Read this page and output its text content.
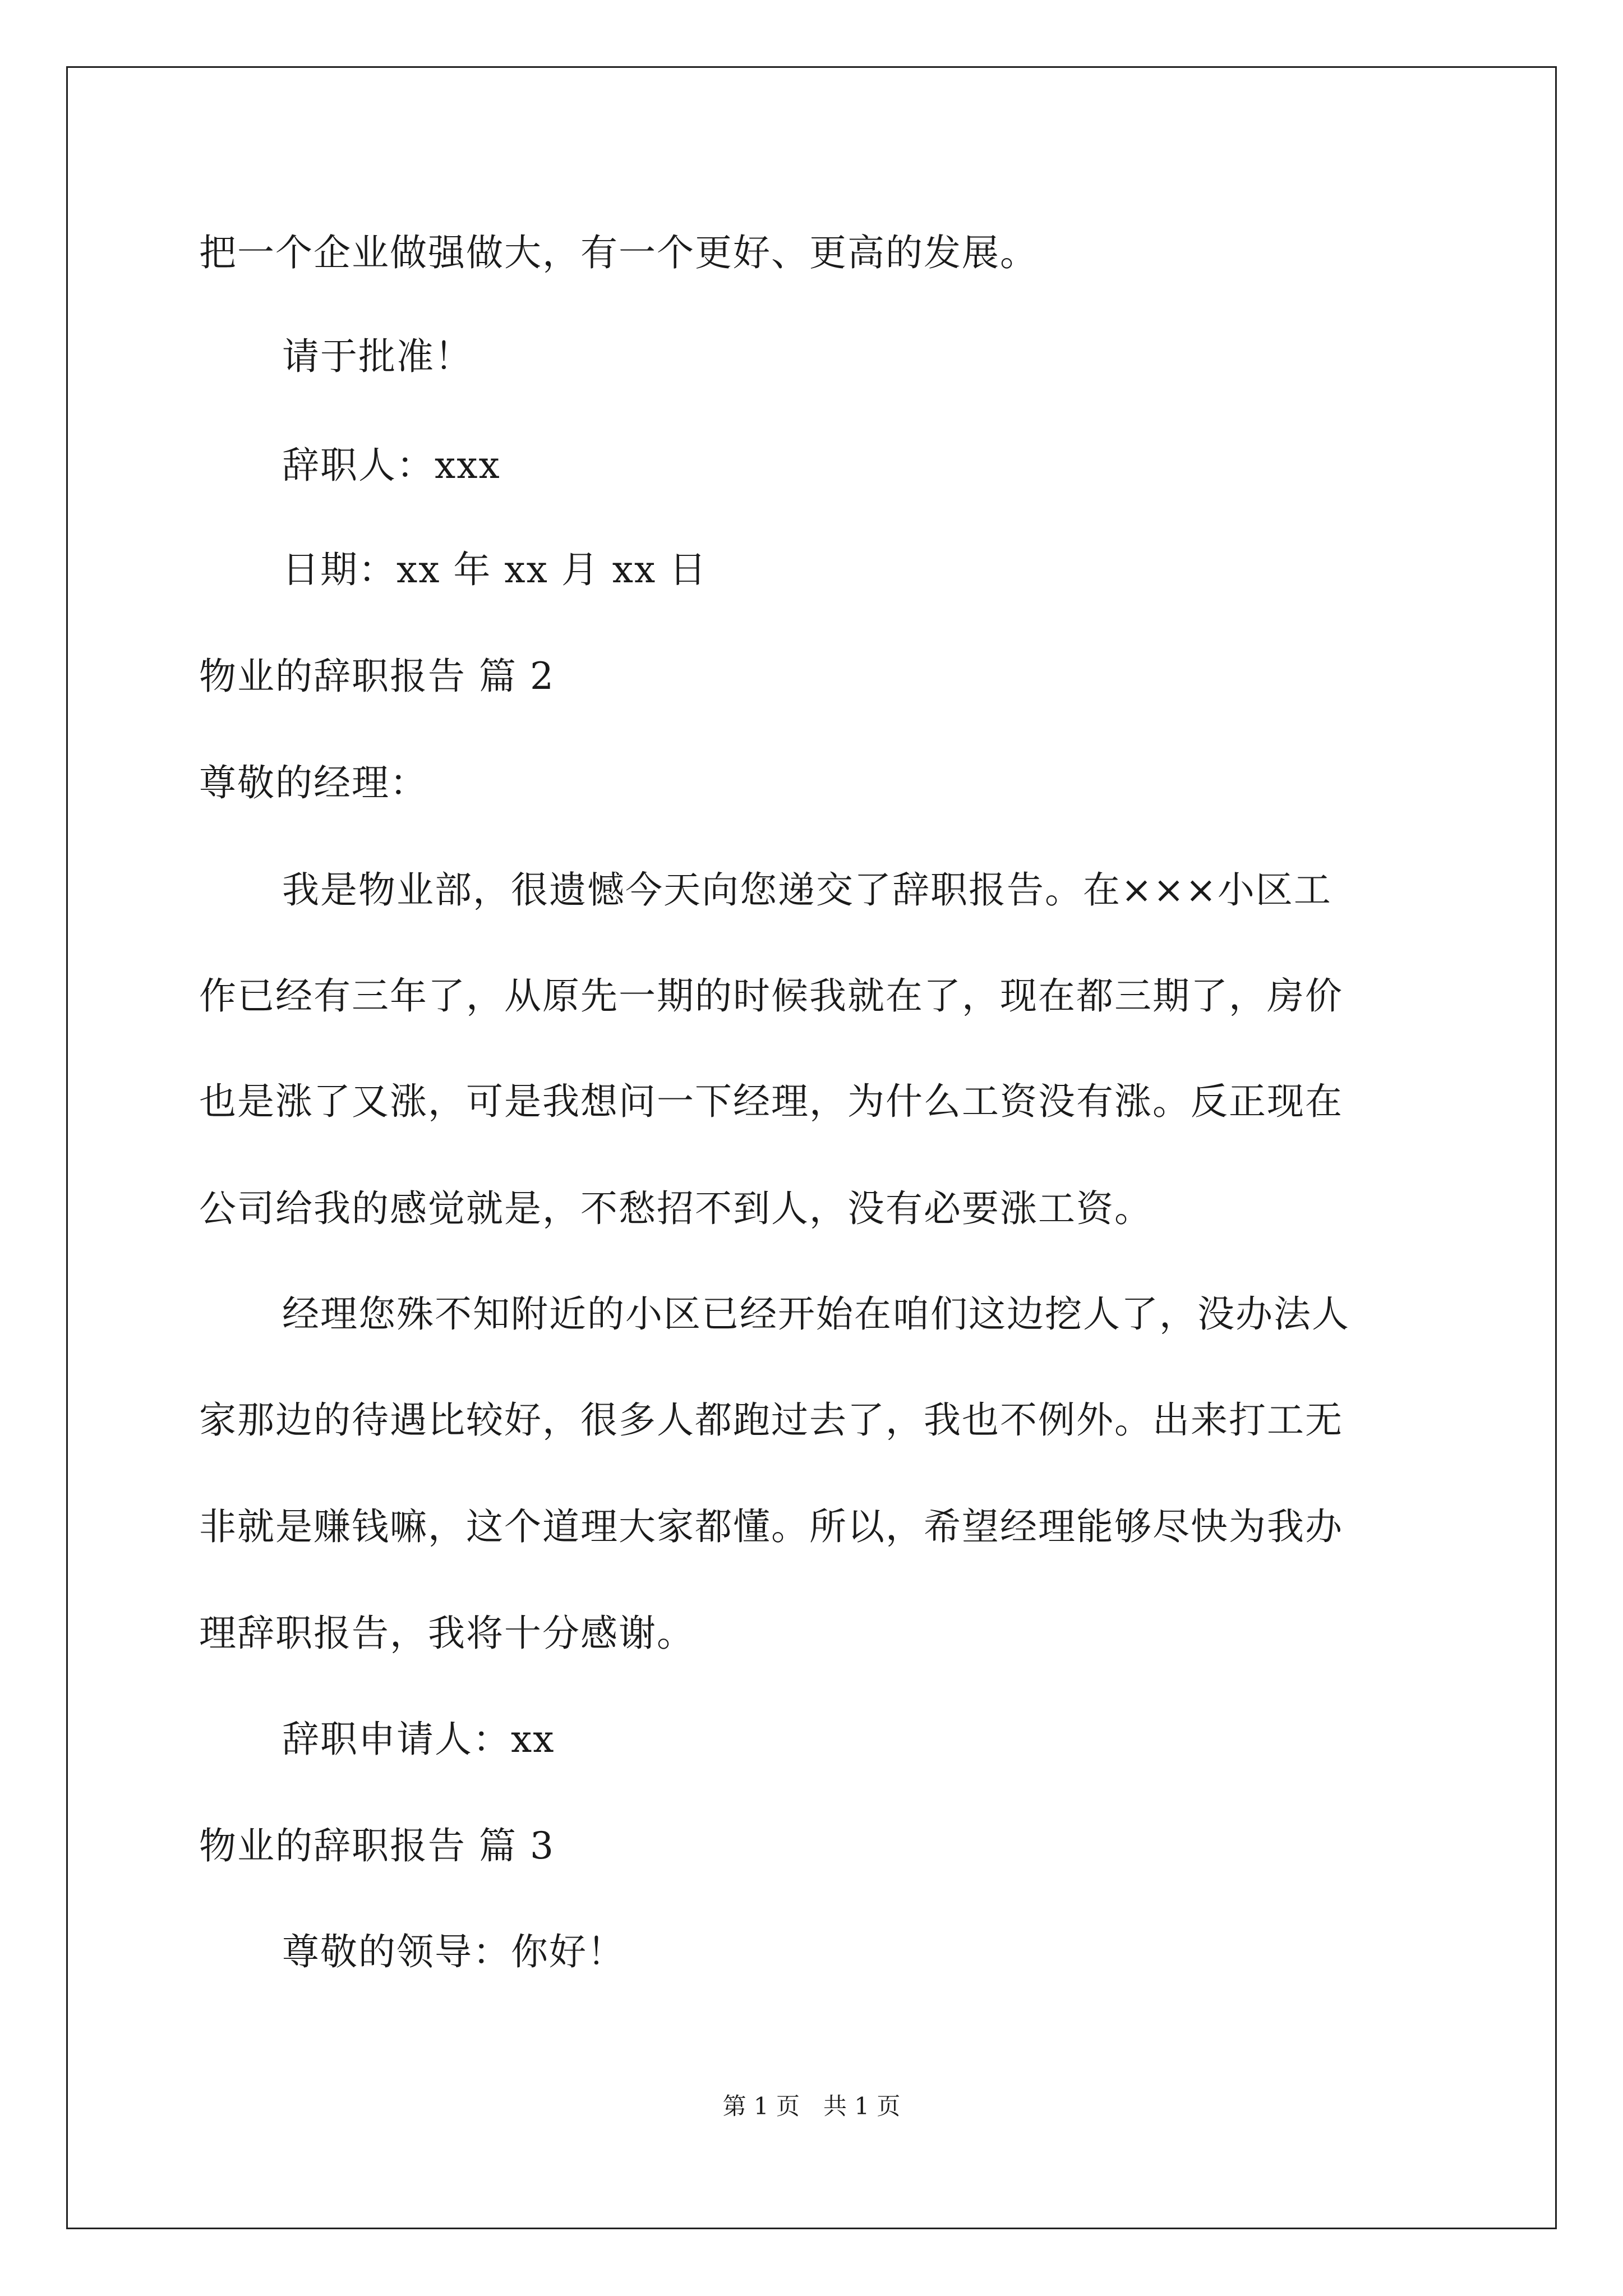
把一个企业做强做大，有一个更好、更高的发展。
请于批准！
辞职人：xxx
日期：xx 年 xx 月 xx 日
物业的辞职报告 篇 2
尊敬的经理：
我是物业部，很遗憾今天向您递交了辞职报告。在×××小区工
作已经有三年了，从原先一期的时候我就在了，现在都三期了，房价
也是涨了又涨，可是我想问一下经理，为什么工资没有涨。反正现在
公司给我的感觉就是，不愁招不到人，没有必要涨工资。
经理您殊不知附近的小区已经开始在咱们这边挖人了，没办法人
家那边的待遇比较好，很多人都跑过去了，我也不例外。出来打工无
非就是赚钱嘛，这个道理大家都懂。所以，希望经理能够尽快为我办
理辞职报告，我将十分感谢。
辞职申请人：xx
物业的辞职报告 篇 3
尊敬的领导：你好！
第 1 页　共 1 页
